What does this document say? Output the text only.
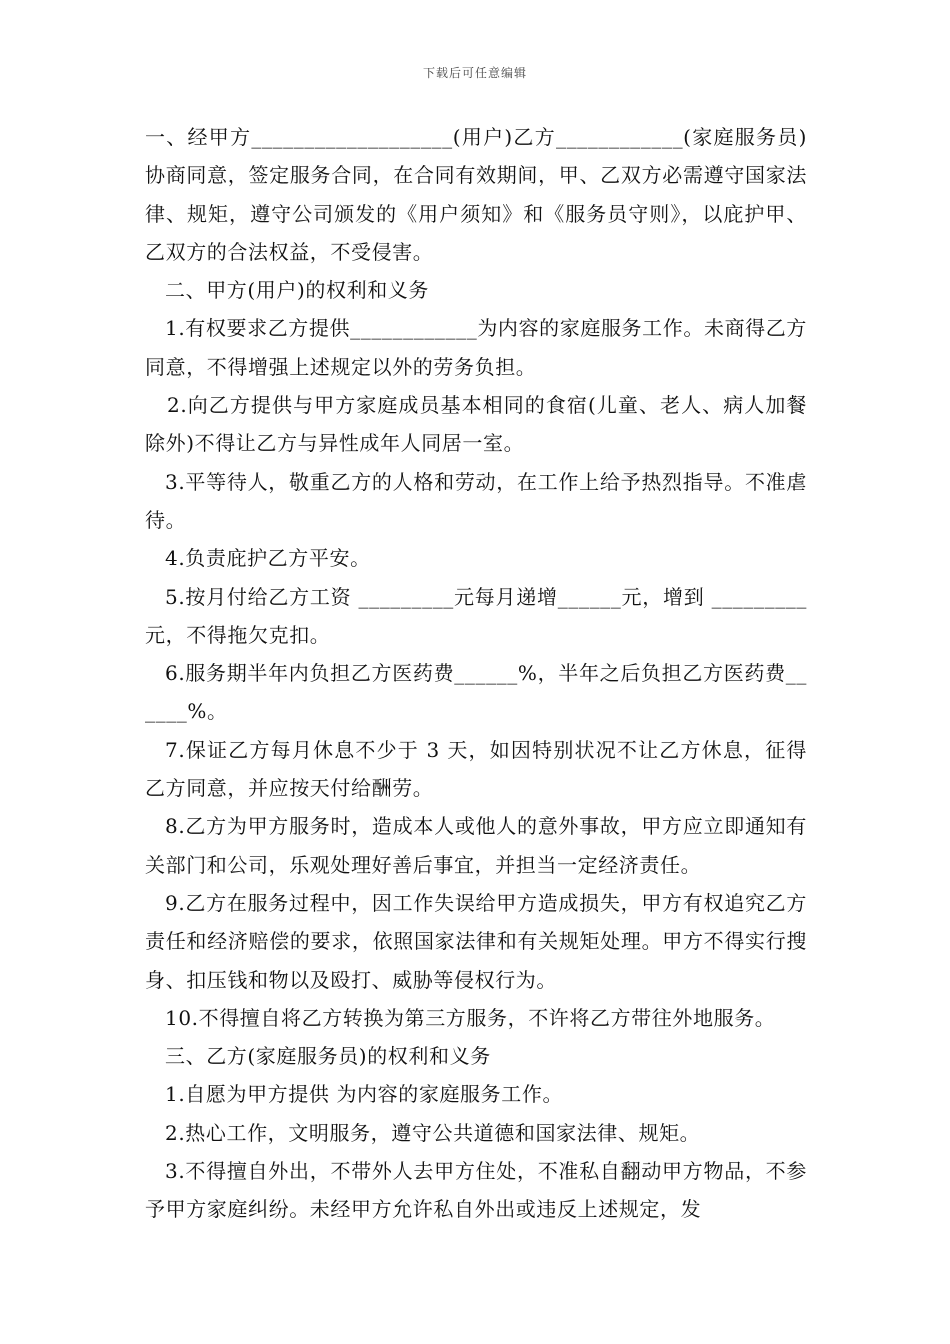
下载后可任意编辑

一、经甲方___________________(用户)乙方____________(家庭服务员)协商同意，签定服务合同，在合同有效期间，甲、乙双方必需遵守国家法律、规矩，遵守公司颁发的《用户须知》和《服务员守则》，以庇护甲、乙双方的合法权益，不受侵害。

二、甲方(用户)的权利和义务

1.有权要求乙方提供____________为内容的家庭服务工作。未商得乙方同意，不得增强上述规定以外的劳务负担。

2.向乙方提供与甲方家庭成员基本相同的食宿(儿童、老人、病人加餐除外)不得让乙方与异性成年人同居一室。

3.平等待人，敬重乙方的人格和劳动，在工作上给予热烈指导。不准虐待。

4.负责庇护乙方平安。

5.按月付给乙方工资 _________元每月递增______元，增到 _________元，不得拖欠克扣。

6.服务期半年内负担乙方医药费______%，半年之后负担乙方医药费______%。

7.保证乙方每月休息不少于 3 天，如因特别状况不让乙方休息，征得乙方同意，并应按天付给酬劳。

8.乙方为甲方服务时，造成本人或他人的意外事故，甲方应立即通知有关部门和公司，乐观处理好善后事宜，并担当一定经济责任。

9.乙方在服务过程中，因工作失误给甲方造成损失，甲方有权追究乙方责任和经济赔偿的要求，依照国家法律和有关规矩处理。甲方不得实行搜身、扣压钱和物以及殴打、威胁等侵权行为。

10.不得擅自将乙方转换为第三方服务，不许将乙方带往外地服务。

三、乙方(家庭服务员)的权利和义务

1.自愿为甲方提供 为内容的家庭服务工作。

2.热心工作，文明服务，遵守公共道德和国家法律、规矩。

3.不得擅自外出，不带外人去甲方住处，不准私自翻动甲方物品，不参予甲方家庭纠纷。未经甲方允许私自外出或违反上述规定，发
